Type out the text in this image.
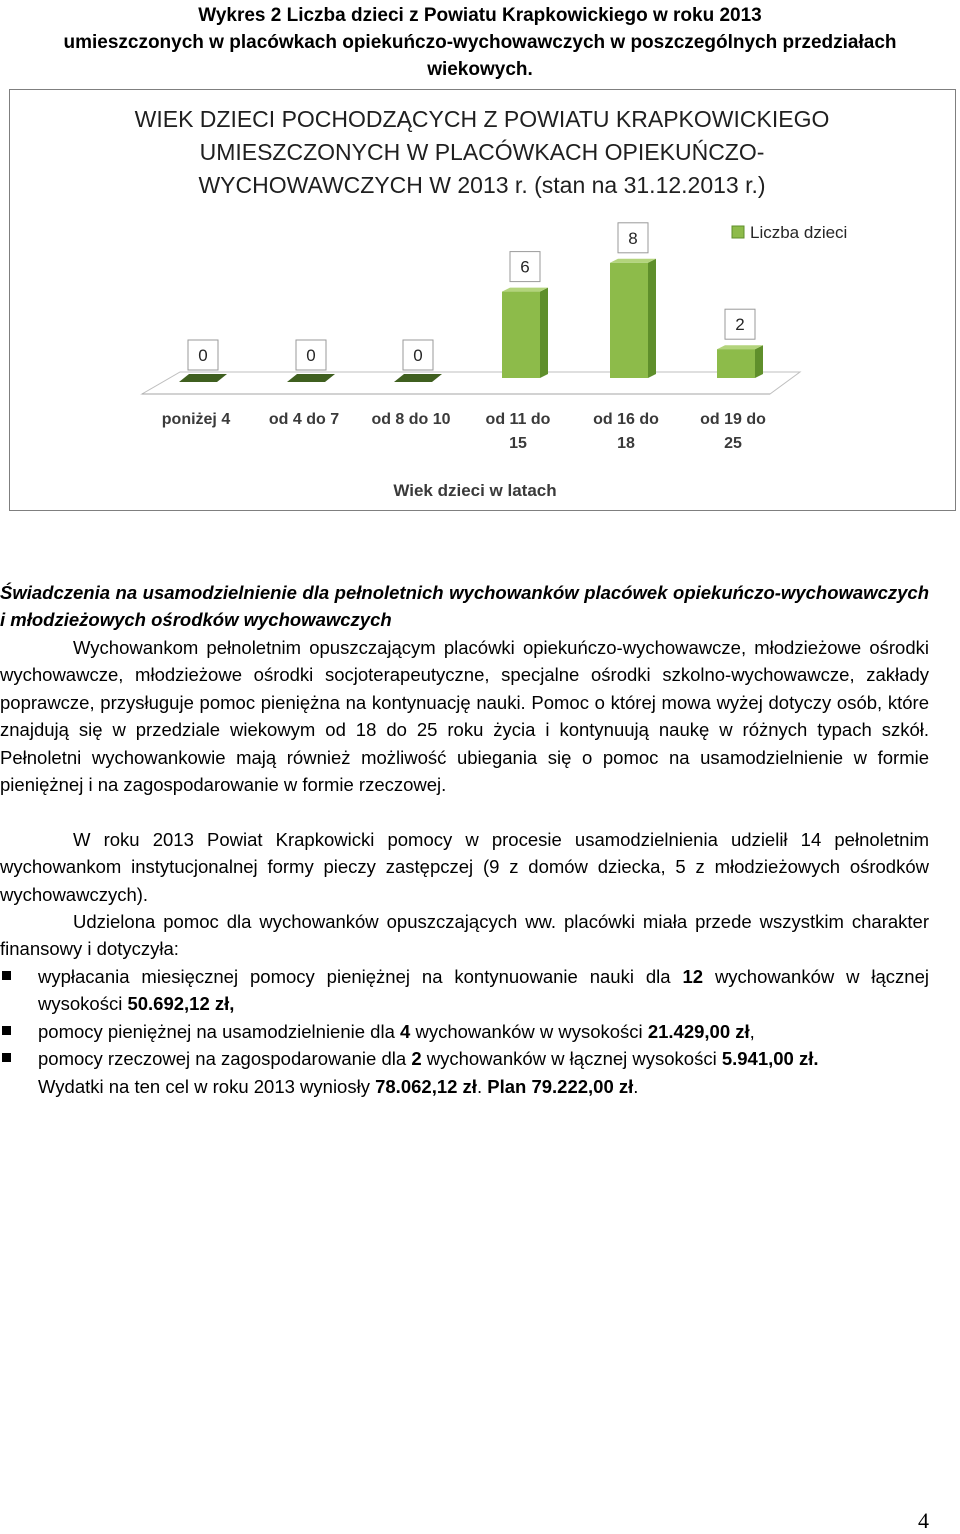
Wykres 2 Liczba dzieci z Powiatu Krapkowickiego w roku 2013
umieszczonych w placówkach opiekuńczo-wychowawczych w poszczególnych przedziałach
wiekowych.
WIEK DZIECI POCHODZĄCYCH Z POWIATU KRAPKOWICKIEGO
UMIESZCZONYCH W PLACÓWKACH OPIEKUŃCZO-
WYCHOWAWCZYCH W 2013 r. (stan na 31.12.2013 r.)
0
poniżej 4
0
od 4 do 7
0
od 8 do 10
6
od 11 do
15
8
od 16 do
18
2
od 19 do
25
Wiek dzieci w latach
Liczba dzieci
Świadczenia na usamodzielnienie dla pełnoletnich wychowanków placówek opiekuńczo-wychowawczych i młodzieżowych ośrodków wychowawczych
Wychowankom pełnoletnim opuszczającym placówki opiekuńczo-wychowawcze, młodzieżowe ośrodki wychowawcze, młodzieżowe ośrodki socjoterapeutyczne, specjalne ośrodki szkolno-wychowawcze, zakłady poprawcze, przysługuje pomoc pieniężna na kontynuację nauki. Pomoc o której mowa wyżej dotyczy osób, które znajdują się w przedziale wiekowym od 18 do 25 roku życia i kontynuują naukę w różnych typach szkół. Pełnoletni wychowankowie mają również możliwość ubiegania się o pomoc na usamodzielnienie w formie pieniężnej i na zagospodarowanie w formie rzeczowej.
W roku 2013 Powiat Krapkowicki pomocy w procesie usamodzielnienia udzielił 14 pełnoletnim wychowankom instytucjonalnej formy pieczy zastępczej (9 z domów dziecka, 5 z młodzieżowych ośrodków wychowawczych).
Udzielona pomoc dla wychowanków opuszczających ww. placówki miała przede wszystkim charakter finansowy i dotyczyła:
wypłacania miesięcznej pomocy pieniężnej na kontynuowanie nauki dla 12 wychowanków w łącznej wysokości 50.692,12 zł,
pomocy pieniężnej na usamodzielnienie dla 4 wychowanków w wysokości 21.429,00 zł,
pomocy rzeczowej na zagospodarowanie dla 2 wychowanków w łącznej wysokości 5.941,00 zł.
Wydatki na ten cel w roku 2013 wyniosły 78.062,12 zł. Plan 79.222,00 zł.
4
